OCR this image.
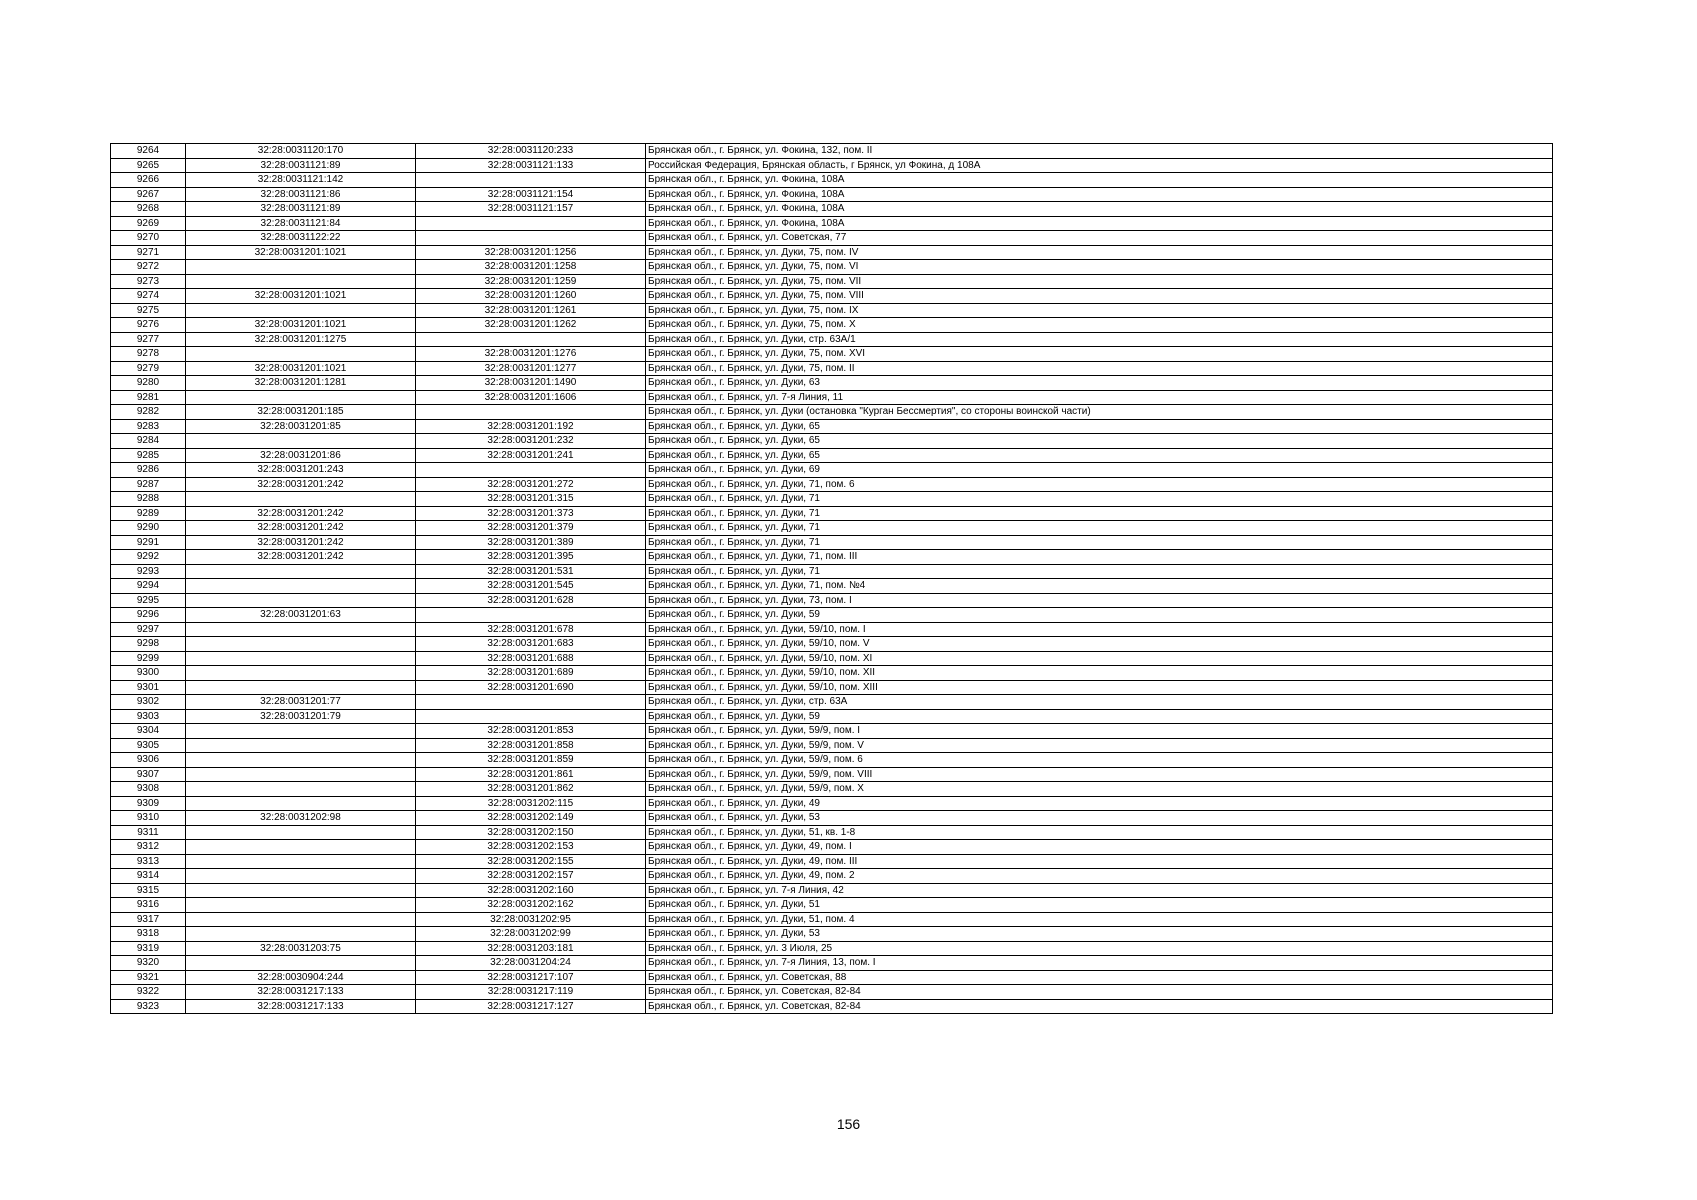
9264	32:28:0031120:170	32:28:0031120:233	Брянская обл., г. Брянск, ул. Фокина, 132, пом. II
9265	32:28:0031121:89	32:28:0031121:133	Российская Федерация, Брянская область, г Брянск, ул Фокина, д 108А
9266	32:28:0031121:142		Брянская обл., г. Брянск, ул. Фокина, 108А
9267	32:28:0031121:86	32:28:0031121:154	Брянская обл., г. Брянск, ул. Фокина, 108А
9268	32:28:0031121:89	32:28:0031121:157	Брянская обл., г. Брянск, ул. Фокина, 108А
9269	32:28:0031121:84		Брянская обл., г. Брянск, ул. Фокина, 108А
9270	32:28:0031122:22		Брянская обл., г. Брянск, ул. Советская, 77
9271	32:28:0031201:1021	32:28:0031201:1256	Брянская обл., г. Брянск, ул. Дуки, 75, пом. IV
9272		32:28:0031201:1258	Брянская обл., г. Брянск, ул. Дуки, 75, пом. VI
9273		32:28:0031201:1259	Брянская обл., г. Брянск, ул. Дуки, 75, пом. VII
9274	32:28:0031201:1021	32:28:0031201:1260	Брянская обл., г. Брянск, ул. Дуки, 75, пом. VIII
9275		32:28:0031201:1261	Брянская обл., г. Брянск, ул. Дуки, 75, пом. IX
9276	32:28:0031201:1021	32:28:0031201:1262	Брянская обл., г. Брянск, ул. Дуки, 75, пом. X
9277	32:28:0031201:1275		Брянская обл., г. Брянск, ул. Дуки, стр. 63А/1
9278		32:28:0031201:1276	Брянская обл., г. Брянск, ул. Дуки, 75, пом. XVI
9279	32:28:0031201:1021	32:28:0031201:1277	Брянская обл., г. Брянск, ул. Дуки, 75, пом. II
9280	32:28:0031201:1281	32:28:0031201:1490	Брянская обл., г. Брянск, ул. Дуки, 63
9281		32:28:0031201:1606	Брянская обл., г. Брянск, ул. 7-я Линия, 11
9282	32:28:0031201:185		Брянская обл., г. Брянск, ул. Дуки (остановка "Курган Бессмертия", со стороны воинской части)
9283	32:28:0031201:85	32:28:0031201:192	Брянская обл., г. Брянск, ул. Дуки, 65
9284		32:28:0031201:232	Брянская обл., г. Брянск, ул. Дуки, 65
9285	32:28:0031201:86	32:28:0031201:241	Брянская обл., г. Брянск, ул. Дуки, 65
9286	32:28:0031201:243		Брянская обл., г. Брянск, ул. Дуки, 69
9287	32:28:0031201:242	32:28:0031201:272	Брянская обл., г. Брянск, ул. Дуки, 71, пом. 6
9288		32:28:0031201:315	Брянская обл., г. Брянск, ул. Дуки, 71
9289	32:28:0031201:242	32:28:0031201:373	Брянская обл., г. Брянск, ул. Дуки, 71
9290	32:28:0031201:242	32:28:0031201:379	Брянская обл., г. Брянск, ул. Дуки, 71
9291	32:28:0031201:242	32:28:0031201:389	Брянская обл., г. Брянск, ул. Дуки, 71
9292	32:28:0031201:242	32:28:0031201:395	Брянская обл., г. Брянск, ул. Дуки, 71, пом. III
9293		32:28:0031201:531	Брянская обл., г. Брянск, ул. Дуки, 71
9294		32:28:0031201:545	Брянская обл., г. Брянск, ул. Дуки, 71, пом. №4
9295		32:28:0031201:628	Брянская обл., г. Брянск, ул. Дуки, 73, пом. I
9296	32:28:0031201:63		Брянская обл., г. Брянск, ул. Дуки, 59
9297		32:28:0031201:678	Брянская обл., г. Брянск, ул. Дуки, 59/10, пом. I
9298		32:28:0031201:683	Брянская обл., г. Брянск, ул. Дуки, 59/10, пом. V
9299		32:28:0031201:688	Брянская обл., г. Брянск, ул. Дуки, 59/10, пом. XI
9300		32:28:0031201:689	Брянская обл., г. Брянск, ул. Дуки, 59/10, пом. XII
9301		32:28:0031201:690	Брянская обл., г. Брянск, ул. Дуки, 59/10, пом. XIII
9302	32:28:0031201:77		Брянская обл., г. Брянск, ул. Дуки, стр. 63А
9303	32:28:0031201:79		Брянская обл., г. Брянск, ул. Дуки, 59
9304		32:28:0031201:853	Брянская обл., г. Брянск, ул. Дуки, 59/9, пом. I
9305		32:28:0031201:858	Брянская обл., г. Брянск, ул. Дуки, 59/9, пом. V
9306		32:28:0031201:859	Брянская обл., г. Брянск, ул. Дуки, 59/9, пом. 6
9307		32:28:0031201:861	Брянская обл., г. Брянск, ул. Дуки, 59/9, пом. VIII
9308		32:28:0031201:862	Брянская обл., г. Брянск, ул. Дуки, 59/9, пом. X
9309		32:28:0031202:115	Брянская обл., г. Брянск, ул. Дуки, 49
9310	32:28:0031202:98	32:28:0031202:149	Брянская обл., г. Брянск, ул. Дуки, 53
9311		32:28:0031202:150	Брянская обл., г. Брянск, ул. Дуки, 51, кв. 1-8
9312		32:28:0031202:153	Брянская обл., г. Брянск, ул. Дуки, 49, пом. I
9313		32:28:0031202:155	Брянская обл., г. Брянск, ул. Дуки, 49, пом. III
9314		32:28:0031202:157	Брянская обл., г. Брянск, ул. Дуки, 49, пом. 2
9315		32:28:0031202:160	Брянская обл., г. Брянск, ул. 7-я Линия, 42
9316		32:28:0031202:162	Брянская обл., г. Брянск, ул. Дуки, 51
9317		32:28:0031202:95	Брянская обл., г. Брянск, ул. Дуки, 51, пом. 4
9318		32:28:0031202:99	Брянская обл., г. Брянск, ул. Дуки, 53
9319	32:28:0031203:75	32:28:0031203:181	Брянская обл., г. Брянск, ул. 3 Июля, 25
9320		32:28:0031204:24	Брянская обл., г. Брянск, ул. 7-я Линия, 13, пом. I
9321	32:28:0030904:244	32:28:0031217:107	Брянская обл., г. Брянск, ул. Советская, 88
9322	32:28:0031217:133	32:28:0031217:119	Брянская обл., г. Брянск, ул. Советская, 82-84
9323	32:28:0031217:133	32:28:0031217:127	Брянская обл., г. Брянск, ул. Советская, 82-84
156
